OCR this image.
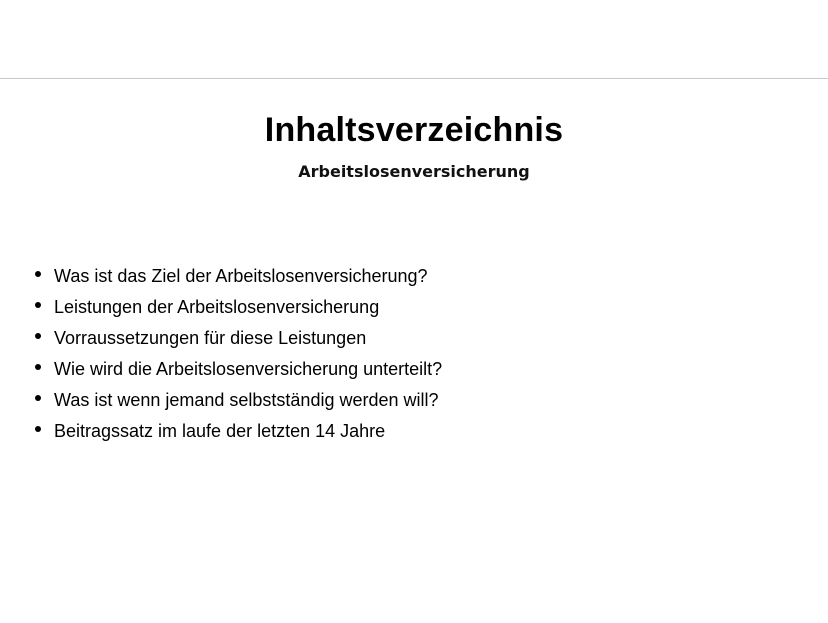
Inhaltsverzeichnis
Arbeitslosenversicherung
Was ist das Ziel der Arbeitslosenversicherung?
Leistungen der Arbeitslosenversicherung
Vorraussetzungen für diese Leistungen
Wie wird die Arbeitslosenversicherung unterteilt?
Was ist wenn jemand selbstständig werden will?
Beitragssatz im laufe der letzten 14 Jahre
